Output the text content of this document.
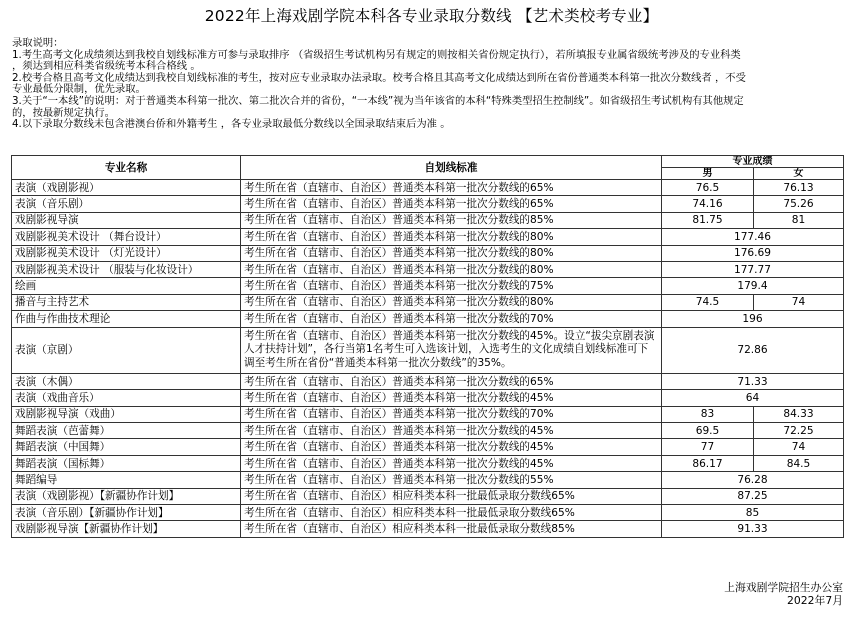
2022年上海戏剧学院本科各专业录取分数线 【艺术类校考专业】
录取说明：
1.考生高考文化成绩须达到我校自划线标准方可参与录取排序 （省级招生考试机构另有规定的则按相关省份规定执行），若所填报专业属省级统考涉及的专业科类
，须达到相应科类省级统考本科合格线 。
2.校考合格且高考文化成绩达到我校自划线标准的考生，按对应专业录取办法录取。校考合格且其高考文化成绩达到所在省份普通类本科第一批次分数线者 ，不受
专业最低分限制，优先录取。
3.关于“一本线”的说明：对于普通类本科第一批次、第二批次合并的省份，“一本线”视为当年该省的本科“特殊类型招生控制线”。如省级招生考试机构有其他规定
的，按最新规定执行。
4.以下录取分数线未包含港澳台侨和外籍考生 ，各专业录取最低分数线以全国录取结束后为准 。
专业名称	自划线标准	专业成绩	
		男	女
表演（戏剧影视）	考生所在省（直辖市、自治区）普通类本科第一批次分数线的65%	76.5	76.13
表演（音乐剧）	考生所在省（直辖市、自治区）普通类本科第一批次分数线的65%	74.16	75.26
戏剧影视导演	考生所在省（直辖市、自治区）普通类本科第一批次分数线的85%	81.75	81
戏剧影视美术设计 （舞台设计）	考生所在省（直辖市、自治区）普通类本科第一批次分数线的80%	177.46	
戏剧影视美术设计 （灯光设计）	考生所在省（直辖市、自治区）普通类本科第一批次分数线的80%	176.69	
戏剧影视美术设计 （服装与化妆设计）	考生所在省（直辖市、自治区）普通类本科第一批次分数线的80%	177.77	
绘画	考生所在省（直辖市、自治区）普通类本科第一批次分数线的75%	179.4	
播音与主持艺术	考生所在省（直辖市、自治区）普通类本科第一批次分数线的80%	74.5	74
作曲与作曲技术理论	考生所在省（直辖市、自治区）普通类本科第一批次分数线的70%	196	
表演（京剧）	考生所在省（直辖市、自治区）普通类本科第一批次分数线的45%。设立“拔尖京剧表演人才扶持计划”，各行当第1名考生可入选该计划，入选考生的文化成绩自划线标准可下调至考生所在省份“普通类本科第一批次分数线”的35%。	72.86	
表演（木偶）	考生所在省（直辖市、自治区）普通类本科第一批次分数线的65%	71.33	
表演（戏曲音乐）	考生所在省（直辖市、自治区）普通类本科第一批次分数线的45%	64	
戏剧影视导演（戏曲）	考生所在省（直辖市、自治区）普通类本科第一批次分数线的70%	83	84.33
舞蹈表演（芭蕾舞）	考生所在省（直辖市、自治区）普通类本科第一批次分数线的45%	69.5	72.25
舞蹈表演（中国舞）	考生所在省（直辖市、自治区）普通类本科第一批次分数线的45%	77	74
舞蹈表演（国标舞）	考生所在省（直辖市、自治区）普通类本科第一批次分数线的45%	86.17	84.5
舞蹈编导	考生所在省（直辖市、自治区）普通类本科第一批次分数线的55%	76.28	
表演（戏剧影视）【新疆协作计划】	考生所在省（直辖市、自治区）相应科类本科一批最低录取分数线65%	87.25	
表演（音乐剧）【新疆协作计划】	考生所在省（直辖市、自治区）相应科类本科一批最低录取分数线65%	85	
戏剧影视导演【新疆协作计划】	考生所在省（直辖市、自治区）相应科类本科一批最低录取分数线85%	91.33	
上海戏剧学院招生办公室
2022年7月
